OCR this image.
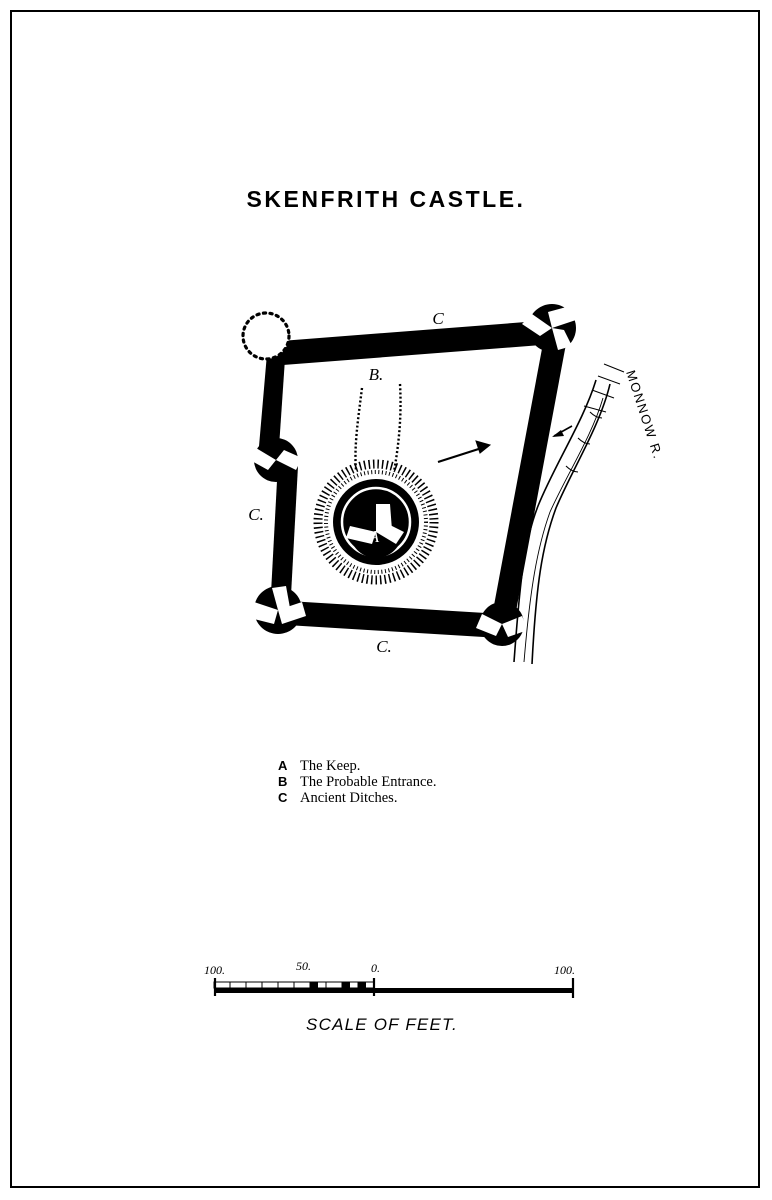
SKENFRITH CASTLE.
A
B.	MONNOW R.
C
C.
C.
A The Keep.
B The Probable Entrance.
C Ancient Ditches.
100.	50.	0.	100.
SCALE OF FEET.
